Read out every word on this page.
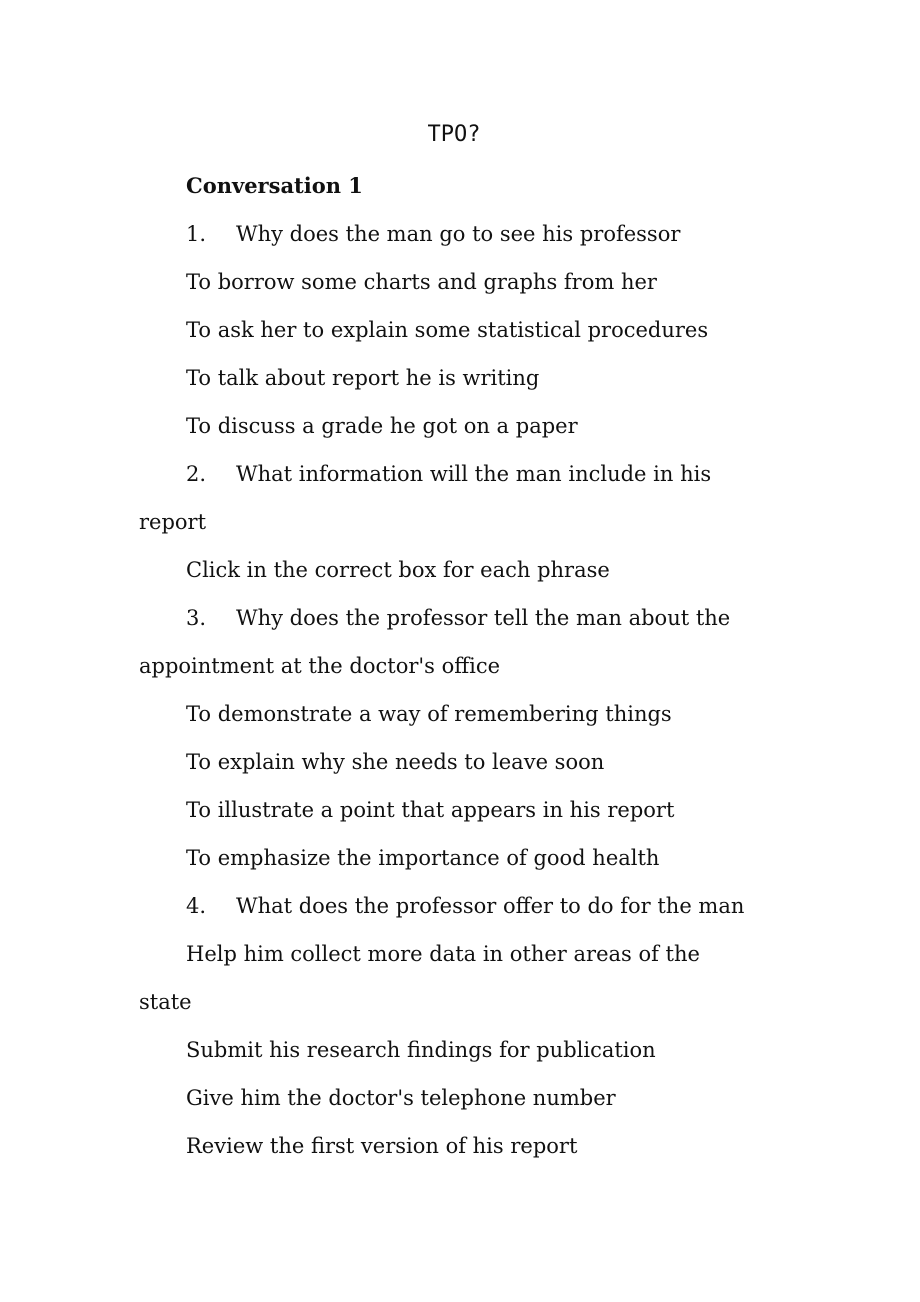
TPO?
Conversation 1
1. Why does the man go to see his professor
To borrow some charts and graphs from her
To ask her to explain some statistical procedures
To talk about report he is writing
To discuss a grade he got on a paper
2. What information will the man include in his
report
Click in the correct box for each phrase
3. Why does the professor tell the man about the
appointment at the doctor's office
To demonstrate a way of remembering things
To explain why she needs to leave soon
To illustrate a point that appears in his report
To emphasize the importance of good health
4. What does the professor offer to do for the man
Help him collect more data in other areas of the
state
Submit his research findings for publication
Give him the doctor's telephone number
Review the first version of his report
